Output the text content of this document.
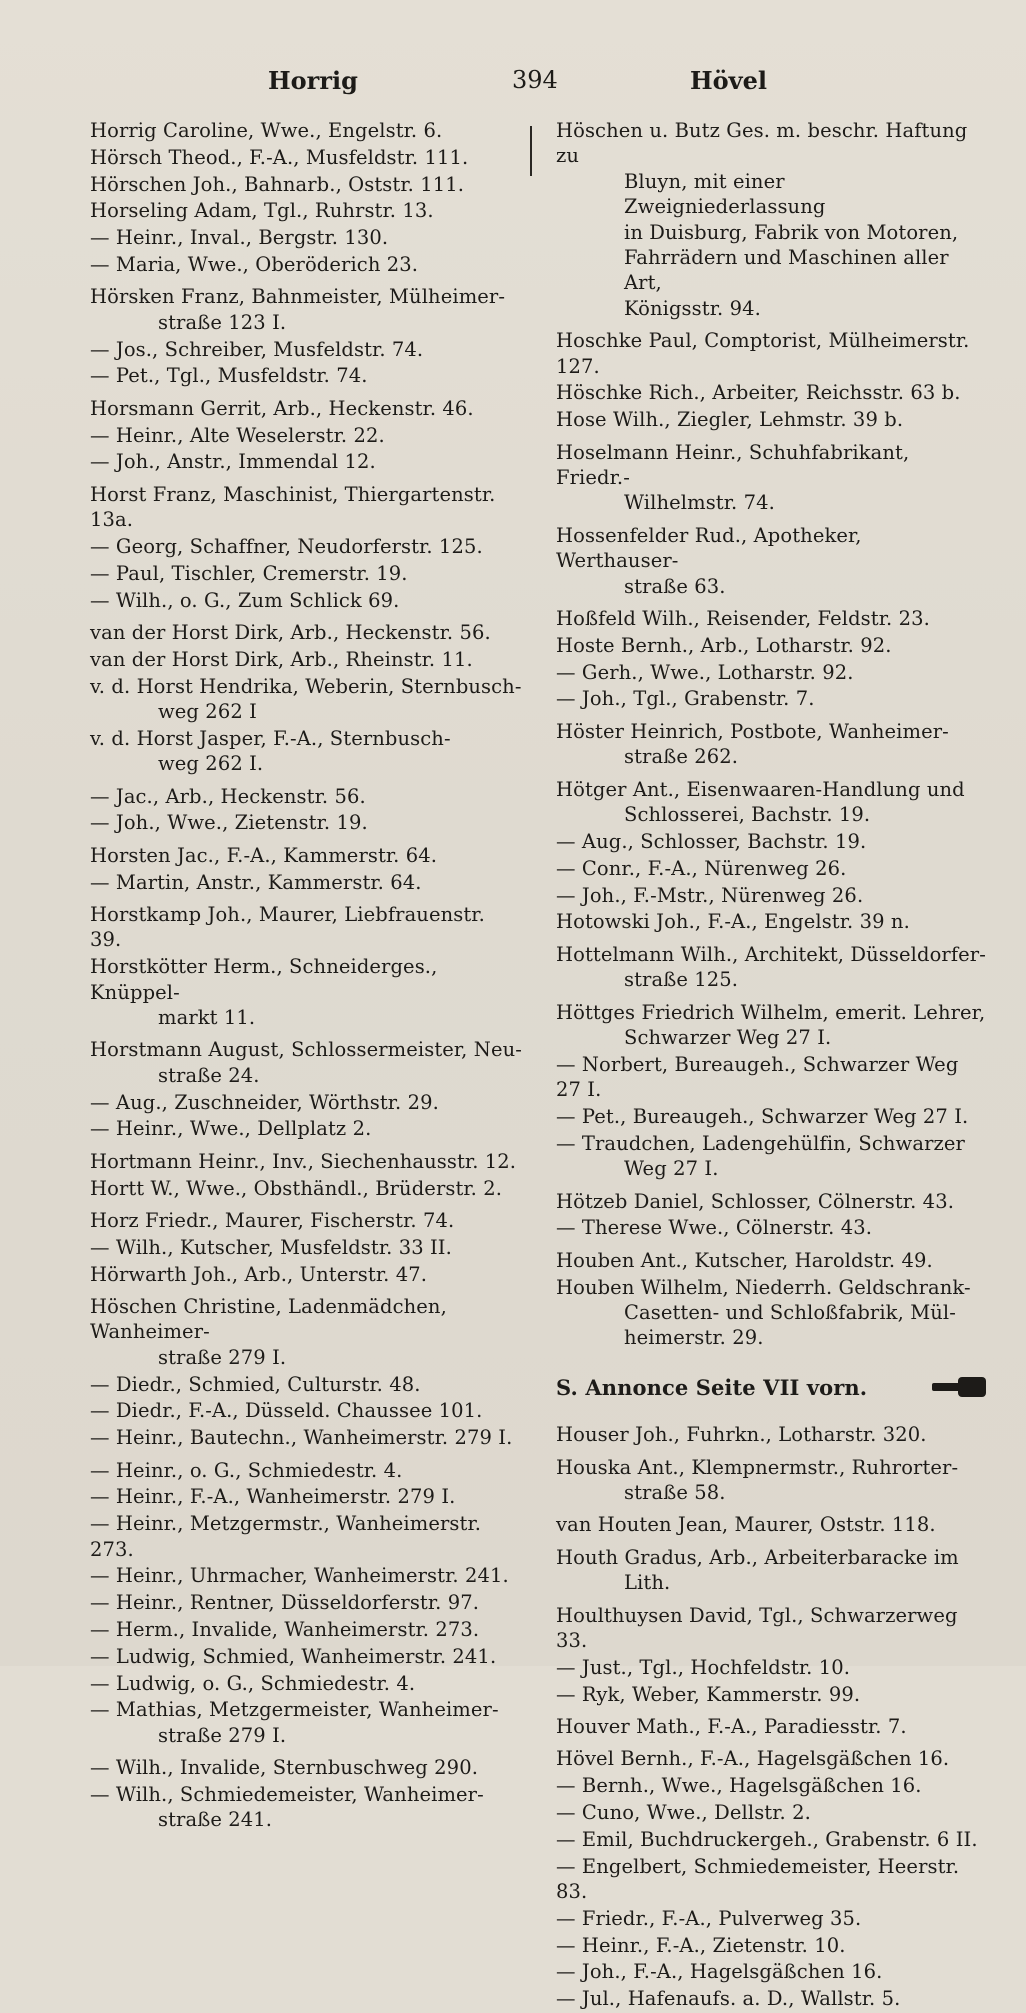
Horrig	394	Hövel
Horrig Caroline, Wwe., Engelstr. 6.
Hörsch Theod., F.-A., Musfeldstr. 111.
Hörschen Joh., Bahnarb., Oststr. 111.
Horseling Adam, Tgl., Ruhrstr. 13.
— Heinr., Inval., Bergstr. 130.
— Maria, Wwe., Oberöderich 23.
Hörsken Franz, Bahnmeister, Mülheimer-
straße 123 I.
— Jos., Schreiber, Musfeldstr. 74.
— Pet., Tgl., Musfeldstr. 74.
Horsmann Gerrit, Arb., Heckenstr. 46.
— Heinr., Alte Weselerstr. 22.
— Joh., Anstr., Immendal 12.
Horst Franz, Maschinist, Thiergartenstr. 13a.
— Georg, Schaffner, Neudorferstr. 125.
— Paul, Tischler, Cremerstr. 19.
— Wilh., o. G., Zum Schlick 69.
van der Horst Dirk, Arb., Heckenstr. 56.
van der Horst Dirk, Arb., Rheinstr. 11.
v. d. Horst Hendrika, Weberin, Sternbusch-
weg 262 I
v. d. Horst Jasper, F.-A., Sternbusch-
weg 262 I.
— Jac., Arb., Heckenstr. 56.
— Joh., Wwe., Zietenstr. 19.
Horsten Jac., F.-A., Kammerstr. 64.
— Martin, Anstr., Kammerstr. 64.
Horstkamp Joh., Maurer, Liebfrauenstr. 39.
Horstkötter Herm., Schneiderges., Knüppel-
markt 11.
Horstmann August, Schlossermeister, Neu-
straße 24.
— Aug., Zuschneider, Wörthstr. 29.
— Heinr., Wwe., Dellplatz 2.
Hortmann Heinr., Inv., Siechenhausstr. 12.
Hortt W., Wwe., Obsthändl., Brüderstr. 2.
Horz Friedr., Maurer, Fischerstr. 74.
— Wilh., Kutscher, Musfeldstr. 33 II.
Hörwarth Joh., Arb., Unterstr. 47.
Höschen Christine, Ladenmädchen, Wanheimer-
straße 279 I.
— Diedr., Schmied, Culturstr. 48.
— Diedr., F.-A., Düsseld. Chaussee 101.
— Heinr., Bautechn., Wanheimerstr. 279 I.
— Heinr., o. G., Schmiedestr. 4.
— Heinr., F.-A., Wanheimerstr. 279 I.
— Heinr., Metzgermstr., Wanheimerstr. 273.
— Heinr., Uhrmacher, Wanheimerstr. 241.
— Heinr., Rentner, Düsseldorferstr. 97.
— Herm., Invalide, Wanheimerstr. 273.
— Ludwig, Schmied, Wanheimerstr. 241.
— Ludwig, o. G., Schmiedestr. 4.
— Mathias, Metzgermeister, Wanheimer-
straße 279 I.
— Wilh., Invalide, Sternbuschweg 290.
— Wilh., Schmiedemeister, Wanheimer-
straße 241.
Höschen u. Butz Ges. m. beschr. Haftung zu
Bluyn, mit einer Zweigniederlassung
in Duisburg, Fabrik von Motoren,
Fahrrädern und Maschinen aller Art,
Königsstr. 94.
Hoschke Paul, Comptorist, Mülheimerstr. 127.
Höschke Rich., Arbeiter, Reichsstr. 63 b.
Hose Wilh., Ziegler, Lehmstr. 39 b.
Hoselmann Heinr., Schuhfabrikant, Friedr.-
Wilhelmstr. 74.
Hossenfelder Rud., Apotheker, Werthauser-
straße 63.
Hoßfeld Wilh., Reisender, Feldstr. 23.
Hoste Bernh., Arb., Lotharstr. 92.
— Gerh., Wwe., Lotharstr. 92.
— Joh., Tgl., Grabenstr. 7.
Höster Heinrich, Postbote, Wanheimer-
straße 262.
Hötger Ant., Eisenwaaren-Handlung und
Schlosserei, Bachstr. 19.
— Aug., Schlosser, Bachstr. 19.
— Conr., F.-A., Nürenweg 26.
— Joh., F.-Mstr., Nürenweg 26.
Hotowski Joh., F.-A., Engelstr. 39 n.
Hottelmann Wilh., Architekt, Düsseldorfer-
straße 125.
Höttges Friedrich Wilhelm, emerit. Lehrer,
Schwarzer Weg 27 I.
— Norbert, Bureaugeh., Schwarzer Weg 27 I.
— Pet., Bureaugeh., Schwarzer Weg 27 I.
— Traudchen, Ladengehülfin, Schwarzer
Weg 27 I.
Hötzeb Daniel, Schlosser, Cölnerstr. 43.
— Therese Wwe., Cölnerstr. 43.
Houben Ant., Kutscher, Haroldstr. 49.
Houben Wilhelm, Niederrh. Geldschrank-
Casetten- und Schloßfabrik, Mül-
heimerstr. 29.
S. Annonce Seite VII vorn.
Houser Joh., Fuhrkn., Lotharstr. 320.
Houska Ant., Klempnermstr., Ruhrorter-
straße 58.
van Houten Jean, Maurer, Oststr. 118.
Houth Gradus, Arb., Arbeiterbaracke im
Lith.
Houlthuysen David, Tgl., Schwarzerweg 33.
— Just., Tgl., Hochfeldstr. 10.
— Ryk, Weber, Kammerstr. 99.
Houver Math., F.-A., Paradiesstr. 7.
Hövel Bernh., F.-A., Hagelsgäßchen 16.
— Bernh., Wwe., Hagelsgäßchen 16.
— Cuno, Wwe., Dellstr. 2.
— Emil, Buchdruckergeh., Grabenstr. 6 II.
— Engelbert, Schmiedemeister, Heerstr. 83.
— Friedr., F.-A., Pulverweg 35.
— Heinr., F.-A., Zietenstr. 10.
— Joh., F.-A., Hagelsgäßchen 16.
— Jul., Hafenaufs. a. D., Wallstr. 5.
